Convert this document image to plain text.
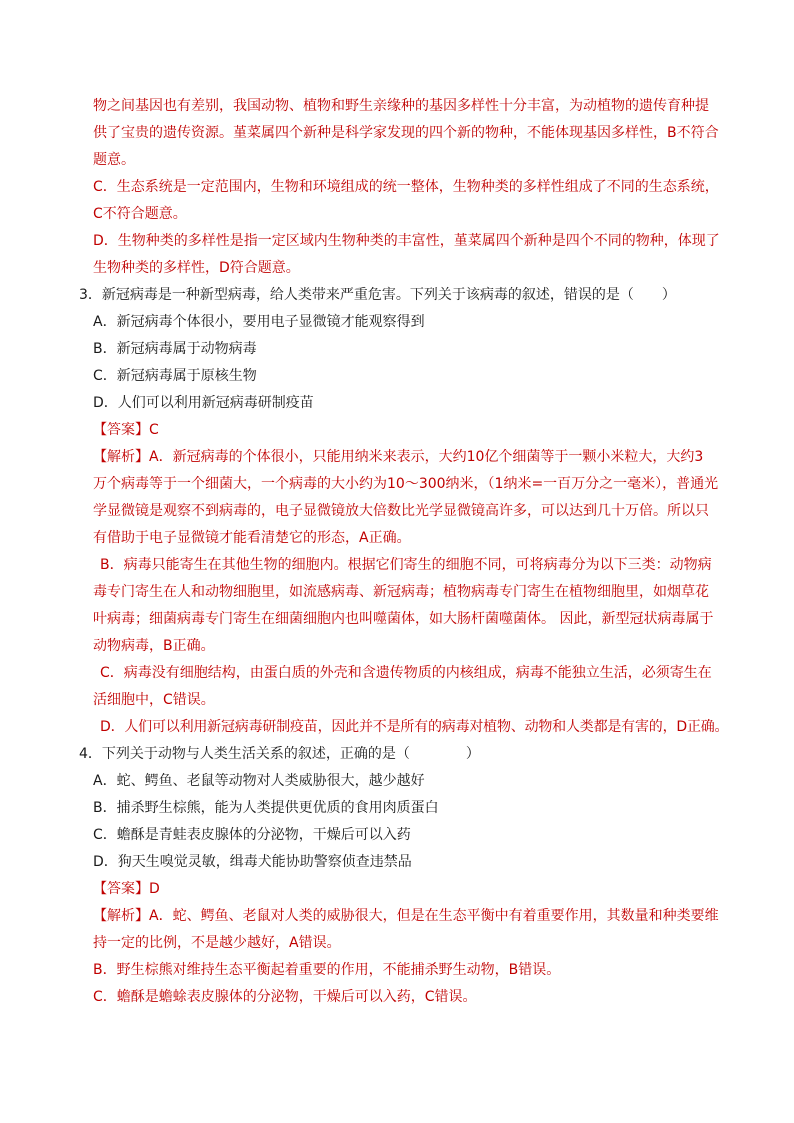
物之间基因也有差别，我国动物、植物和野生亲缘种的基因多样性十分丰富，为动植物的遗传育种提
供了宝贵的遗传资源。堇菜属四个新种是科学家发现的四个新的物种，不能体现基因多样性，B不符合
题意。
C．生态系统是一定范围内，生物和环境组成的统一整体，生物种类的多样性组成了不同的生态系统，
C不符合题意。
D．生物种类的多样性是指一定区域内生物种类的丰富性，堇菜属四个新种是四个不同的物种，体现了
生物种类的多样性，D符合题意。
3．新冠病毒是一种新型病毒，给人类带来严重危害。下列关于该病毒的叙述，错误的是（　　）
A．新冠病毒个体很小，要用电子显微镜才能观察得到
B．新冠病毒属于动物病毒
C．新冠病毒属于原核生物
D．人们可以利用新冠病毒研制疫苗
【答案】C
【解析】A．新冠病毒的个体很小，只能用纳米来表示，大约10亿个细菌等于一颗小米粒大，大约3
万个病毒等于一个细菌大，一个病毒的大小约为10～300纳米，（1纳米=一百万分之一毫米），普通光
学显微镜是观察不到病毒的，电子显微镜放大倍数比光学显微镜高许多，可以达到几十万倍。所以只
有借助于电子显微镜才能看清楚它的形态，A正确。
B．病毒只能寄生在其他生物的细胞内。根据它们寄生的细胞不同，可将病毒分为以下三类：动物病
毒专门寄生在人和动物细胞里，如流感病毒、新冠病毒；植物病毒专门寄生在植物细胞里，如烟草花
叶病毒；细菌病毒专门寄生在细菌细胞内也叫噬菌体，如大肠杆菌噬菌体。 因此，新型冠状病毒属于
动物病毒，B正确。
C．病毒没有细胞结构，由蛋白质的外壳和含遗传物质的内核组成，病毒不能独立生活，必须寄生在
活细胞中，C错误。
D．人们可以利用新冠病毒研制疫苗，因此并不是所有的病毒对植物、动物和人类都是有害的，D正确。
4．下列关于动物与人类生活关系的叙述，正确的是（　　　　）
A．蛇、鳄鱼、老鼠等动物对人类威胁很大，越少越好
B．捕杀野生棕熊，能为人类提供更优质的食用肉质蛋白
C．蟾酥是青蛙表皮腺体的分泌物，干燥后可以入药
D．狗天生嗅觉灵敏，缉毒犬能协助警察侦查违禁品
【答案】D
【解析】A．蛇、鳄鱼、老鼠对人类的威胁很大，但是在生态平衡中有着重要作用，其数量和种类要维
持一定的比例，不是越少越好，A错误。
B．野生棕熊对维持生态平衡起着重要的作用，不能捕杀野生动物，B错误。
C．蟾酥是蟾蜍表皮腺体的分泌物，干燥后可以入药，C错误。
